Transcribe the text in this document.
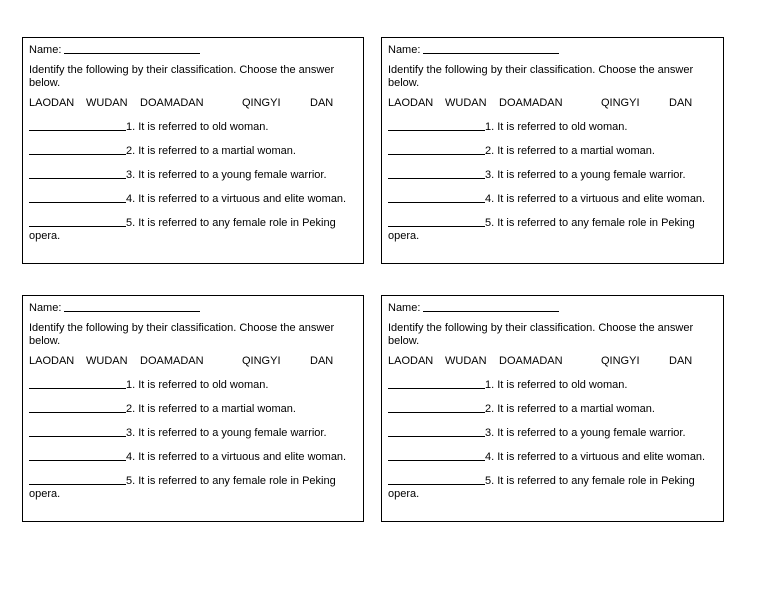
Name:
Identify the following by their classification. Choose the answer below.
LAODAN WUDAN DOAMADAN	QINGYI	DAN
1. It is referred to old woman.
2. It is referred to a martial woman.
3. It is referred to a young female warrior.
4. It is referred to a virtuous and elite woman.
5. It is referred to any female role in Peking opera.
Name:
Identify the following by their classification. Choose the answer below.
LAODAN WUDAN DOAMADAN	QINGYI	DAN
1. It is referred to old woman.
2. It is referred to a martial woman.
3. It is referred to a young female warrior.
4. It is referred to a virtuous and elite woman.
5. It is referred to any female role in Peking opera.
Name:
Identify the following by their classification. Choose the answer below.
LAODAN WUDAN DOAMADAN	QINGYI	DAN
1. It is referred to old woman.
2. It is referred to a martial woman.
3. It is referred to a young female warrior.
4. It is referred to a virtuous and elite woman.
5. It is referred to any female role in Peking opera.
Name:
Identify the following by their classification. Choose the answer below.
LAODAN WUDAN DOAMADAN	QINGYI	DAN
1. It is referred to old woman.
2. It is referred to a martial woman.
3. It is referred to a young female warrior.
4. It is referred to a virtuous and elite woman.
5. It is referred to any female role in Peking opera.
